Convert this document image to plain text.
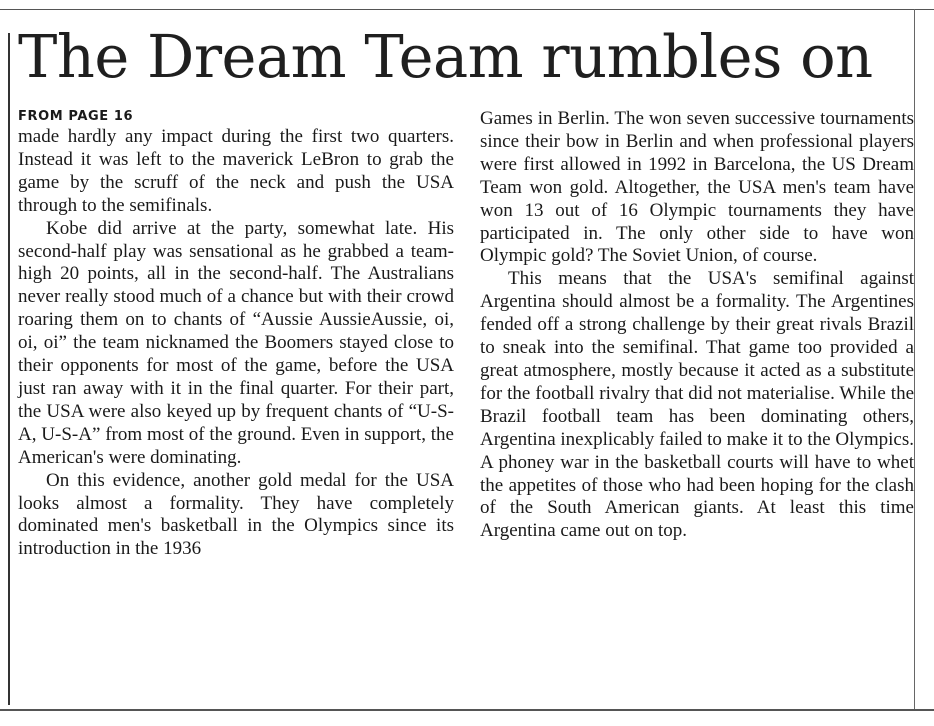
The Dream Team rumbles on
FROM PAGE 16

made hardly any impact during the first two quarters. Instead it was left to the maverick LeBron to grab the game by the scruff of the neck and push the USA through to the semifinals.

Kobe did arrive at the party, somewhat late. His second-half play was sensational as he grabbed a team-high 20 points, all in the second-half. The Australians never really stood much of a chance but with their crowd roaring them on to chants of “Aussie AussieAussie, oi, oi, oi” the team nicknamed the Boomers stayed close to their opponents for most of the game, before the USA just ran away with it in the final quarter. For their part, the USA were also keyed up by frequent chants of “U-S-A, U-S-A” from most of the ground. Even in support, the American's were dominating.

On this evidence, another gold medal for the USA looks almost a formality. They have completely dominated men's basketball in the Olympics since its introduction in the 1936

Games in Berlin. The won seven successive tournaments since their bow in Berlin and when professional players were first allowed in 1992 in Barcelona, the US Dream Team won gold. Altogether, the USA men's team have won 13 out of 16 Olympic tournaments they have participated in. The only other side to have won Olympic gold? The Soviet Union, of course.

This means that the USA's semifinal against Argentina should almost be a formality. The Argentines fended off a strong challenge by their great rivals Brazil to sneak into the semifinal. That game too provided a great atmosphere, mostly because it acted as a substitute for the football rivalry that did not materialise. While the Brazil football team has been dominating others, Argentina inexplicably failed to make it to the Olympics. A phoney war in the basketball courts will have to whet the appetites of those who had been hoping for the clash of the South American giants. At least this time Argentina came out on top.
